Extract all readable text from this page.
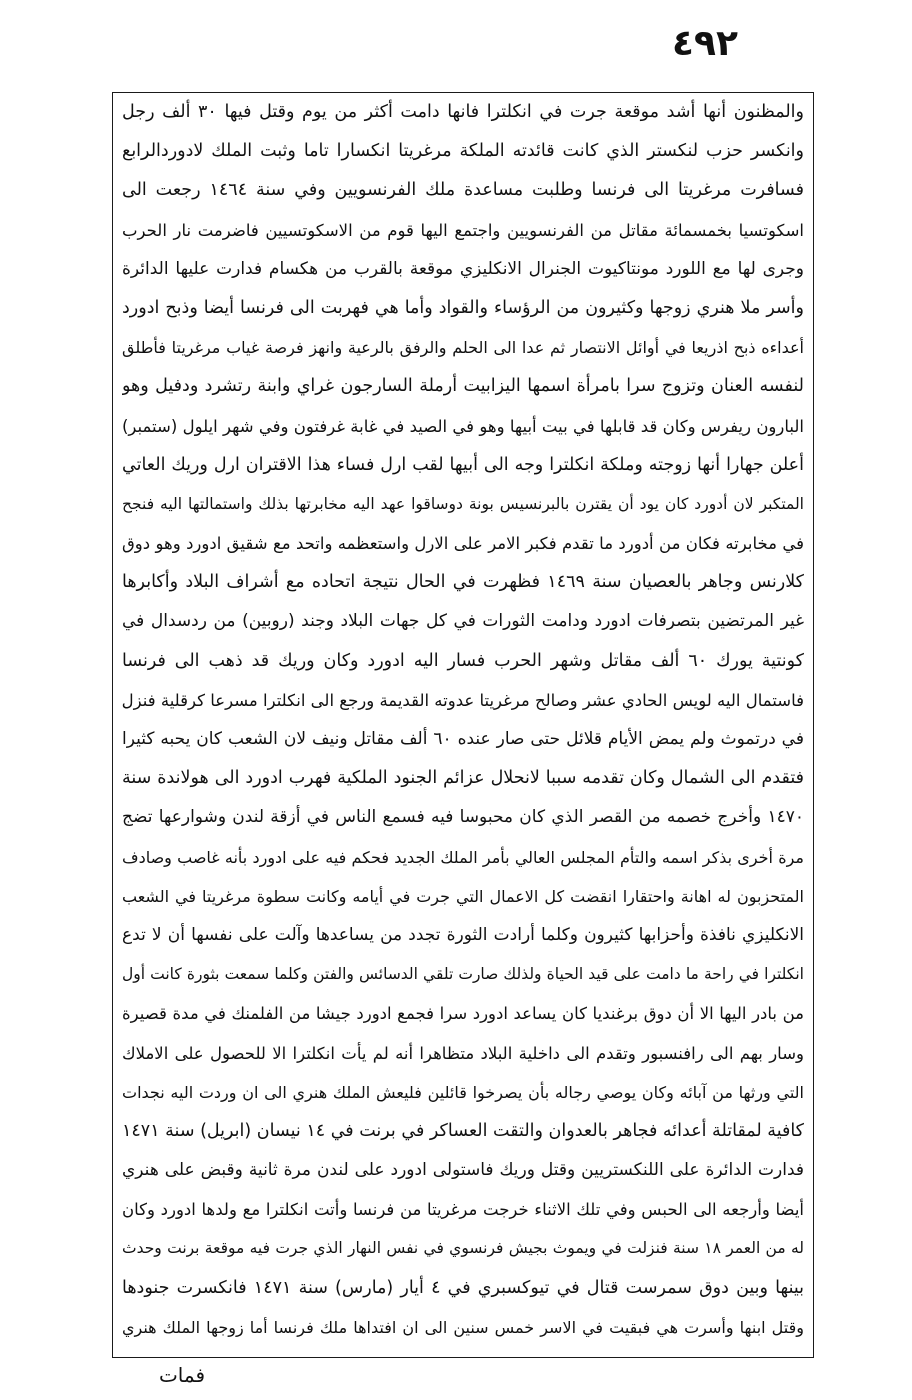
٤٩٢
والمظنون أنها أشد موقعة جرت في انكلترا فانها دامت أكثر من يوم وقتل فيها ٣٠ ألف رجل
وانكسر حزب لنكستر الذي كانت قائدته الملكة مرغريتا انكسارا تاما وثبت الملك لادوردالرابع
فسافرت مرغريتا الى فرنسا وطلبت مساعدة ملك الفرنسويين وفي سنة ١٤٦٤ رجعت الى
اسكوتسيا بخمسمائة مقاتل من الفرنسويين واجتمع اليها قوم من الاسكوتسيين فاضرمت نار الحرب
وجرى لها مع اللورد مونتاكيوت الجنرال الانكليزي موقعة بالقرب من هكسام فدارت عليها الدائرة
وأسر ملا هنري زوجها وكثيرون من الرؤساء والقواد وأما هي فهربت الى فرنسا أيضا وذبح ادورد
أعداءه ذبح اذريعا في أوائل الانتصار ثم عدا الى الحلم والرفق بالرعية وانهز فرصة غياب مرغريتا فأطلق
لنفسه العنان وتزوج سرا بامرأة اسمها اليزابيت أرملة السارجون غراي وابنة رتشرد ودفيل وهو
البارون ريفرس وكان قد قابلها في بيت أبيها وهو في الصيد في غابة غرفتون وفي شهر ايلول (ستمبر)
أعلن جهارا أنها زوجته وملكة انكلترا وجه الى أبيها لقب ارل فساء هذا الاقتران ارل وريك العاتي
المتكبر لان أدورد كان يود أن يقترن بالبرنسيس بونة دوساقوا عهد اليه مخابرتها بذلك واستمالتها اليه فنجح
في مخابرته فكان من أدورد ما تقدم فكبر الامر على الارل واستعظمه واتحد مع شقيق ادورد وهو دوق
كلارنس وجاهر بالعصيان سنة ١٤٦٩ فظهرت في الحال نتيجة اتحاده مع أشراف البلاد وأكابرها
غير المرتضين بتصرفات ادورد ودامت الثورات في كل جهات البلاد وجند (روبين) من ردسدال في
كونتية يورك ٦٠ ألف مقاتل وشهر الحرب فسار اليه ادورد وكان وريك قد ذهب الى فرنسا
فاستمال اليه لويس الحادي عشر وصالح مرغريتا عدوته القديمة ورجع الى انكلترا مسرعا كرقلية فنزل
في درتموث ولم يمض الأيام قلائل حتى صار عنده ٦٠ ألف مقاتل ونيف لان الشعب كان يحبه كثيرا
فتقدم الى الشمال وكان تقدمه سببا لانحلال عزائم الجنود الملكية فهرب ادورد الى هولاندة سنة
١٤٧٠ وأخرج خصمه من القصر الذي كان محبوسا فيه فسمع الناس في أزقة لندن وشوارعها تضج
مرة أخرى بذكر اسمه والتأم المجلس العالي بأمر الملك الجديد فحكم فيه على ادورد بأنه غاصب وصادف
المتحزبون له اهانة واحتقارا انقضت كل الاعمال التي جرت في أيامه وكانت سطوة مرغريتا في الشعب
الانكليزي نافذة وأحزابها كثيرون وكلما أرادت الثورة تجدد من يساعدها وآلت على نفسها أن لا تدع
انكلترا في راحة ما دامت على قيد الحياة ولذلك صارت تلقي الدسائس والفتن وكلما سمعت بثورة كانت أول
من بادر اليها الا أن دوق برغنديا كان يساعد ادورد سرا فجمع ادورد جيشا من الفلمنك في مدة قصيرة
وسار بهم الى رافنسبور وتقدم الى داخلية البلاد متظاهرا أنه لم يأت انكلترا الا للحصول على الاملاك
التي ورثها من آبائه وكان يوصي رجاله بأن يصرخوا قائلين فليعش الملك هنري الى ان وردت اليه نجدات
كافية لمقاتلة أعدائه فجاهر بالعدوان والتقت العساكر في برنت في ١٤ نيسان (ابريل) سنة ١٤٧١
فدارت الدائرة على اللنكستريين وقتل وريك فاستولى ادورد على لندن مرة ثانية وقبض على هنري
أيضا وأرجعه الى الحبس وفي تلك الاثناء خرجت مرغريتا من فرنسا وأتت انكلترا مع ولدها ادورد وكان
له من العمر ١٨ سنة فنزلت في ويموث بجيش فرنسوي في نفس النهار الذي جرت فيه موقعة برنت وحدث
بينها وبين دوق سمرست قتال في تيوكسبري في ٤ أيار (مارس) سنة ١٤٧١ فانكسرت جنودها
وقتل ابنها وأسرت هي فبقيت في الاسر خمس سنين الى ان افتداها ملك فرنسا أما زوجها الملك هنري
فمات
